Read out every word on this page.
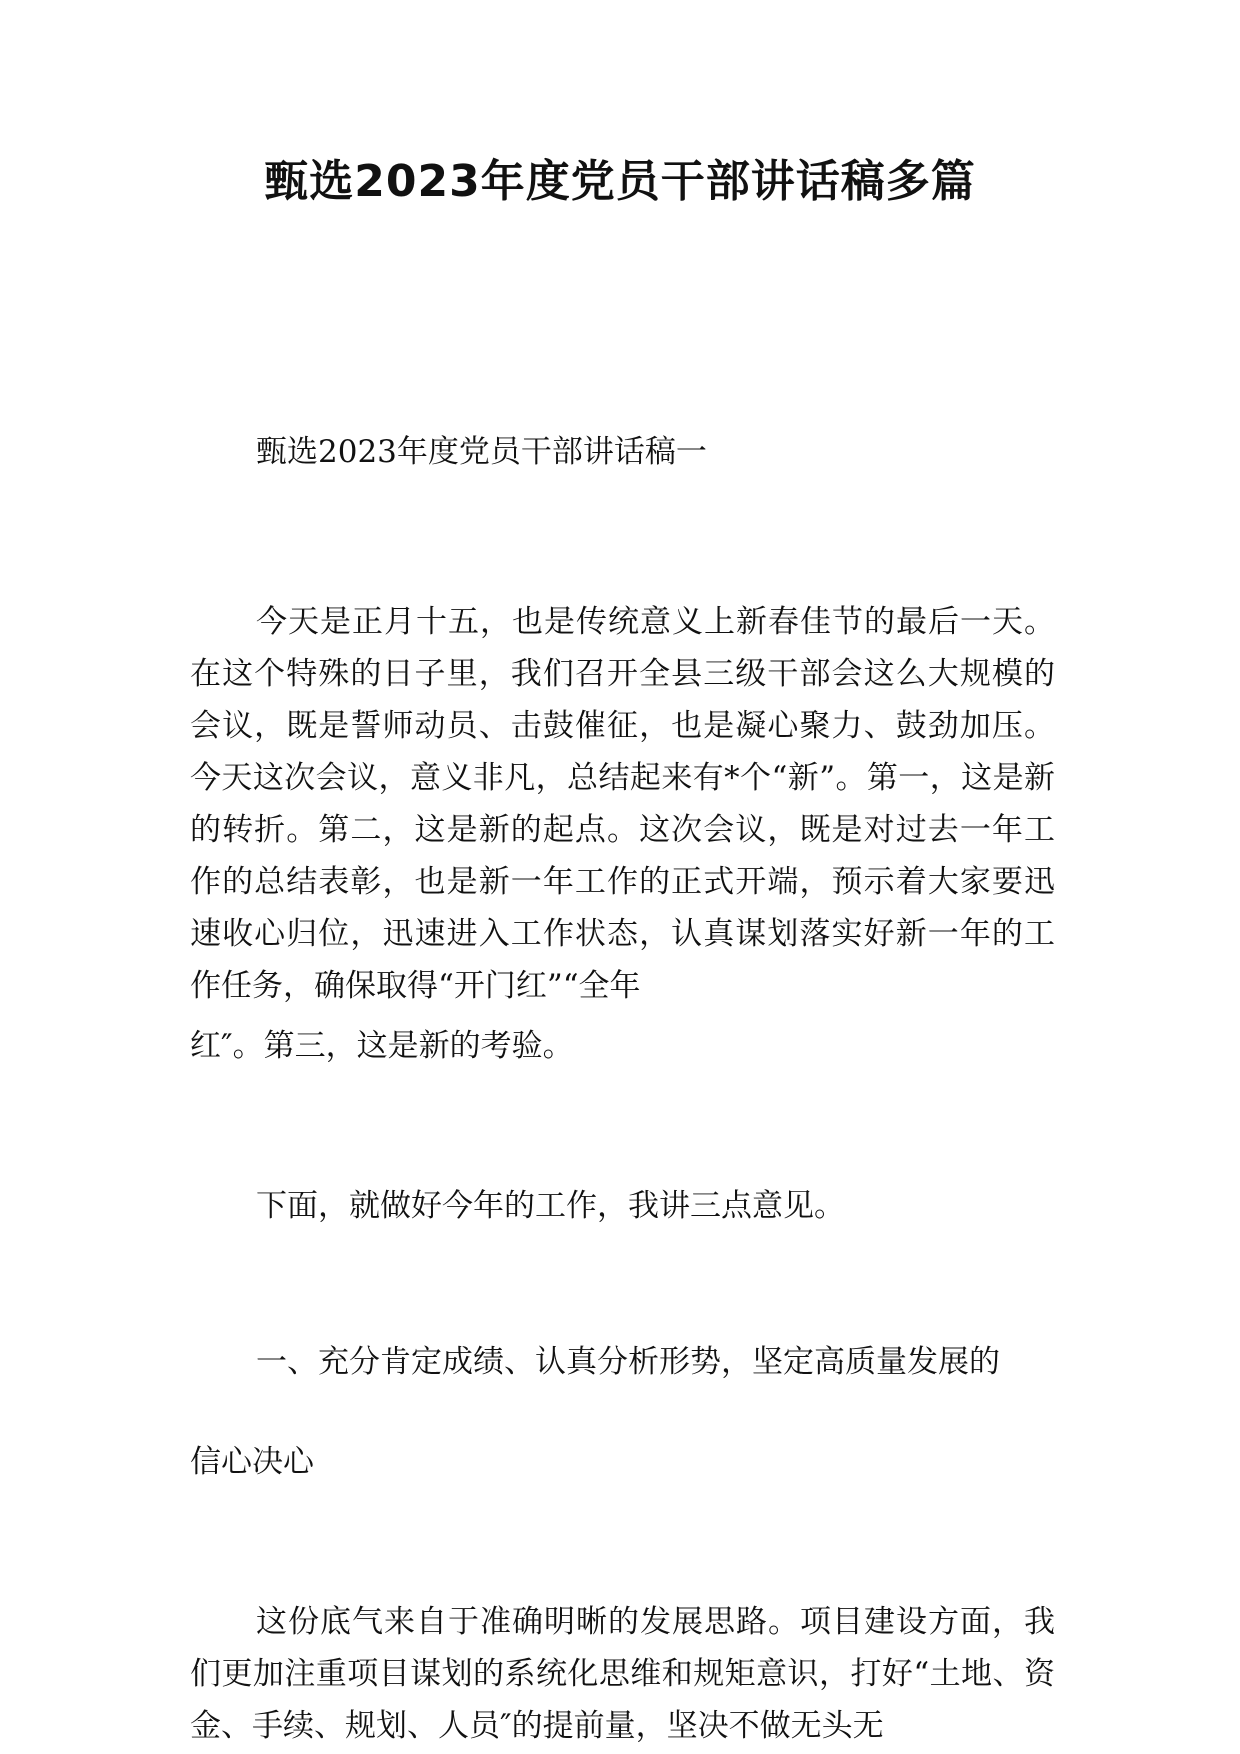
甄选2023年度党员干部讲话稿多篇

甄选2023年度党员干部讲话稿一

今天是正月十五，也是传统意义上新春佳节的最后一天。在这个特殊的日子里，我们召开全县三级干部会这么大规模的会议，既是誓师动员、击鼓催征，也是凝心聚力、鼓劲加压。今天这次会议，意义非凡，总结起来有*个“新”。第一，这是新的转折。第二，这是新的起点。这次会议，既是对过去一年工作的总结表彰，也是新一年工作的正式开端，预示着大家要迅速收心归位，迅速进入工作状态，认真谋划落实好新一年的工作任务，确保取得“开门红”“全年
红″。第三，这是新的考验。

下面，就做好今年的工作，我讲三点意见。

一、充分肯定成绩、认真分析形势，坚定高质量发展的
信心决心

这份底气来自于准确明晰的发展思路。项目建设方面，我们更加注重项目谋划的系统化思维和规矩意识，打好“土地、资金、手续、规划、人员″的提前量，坚决不做无头无
